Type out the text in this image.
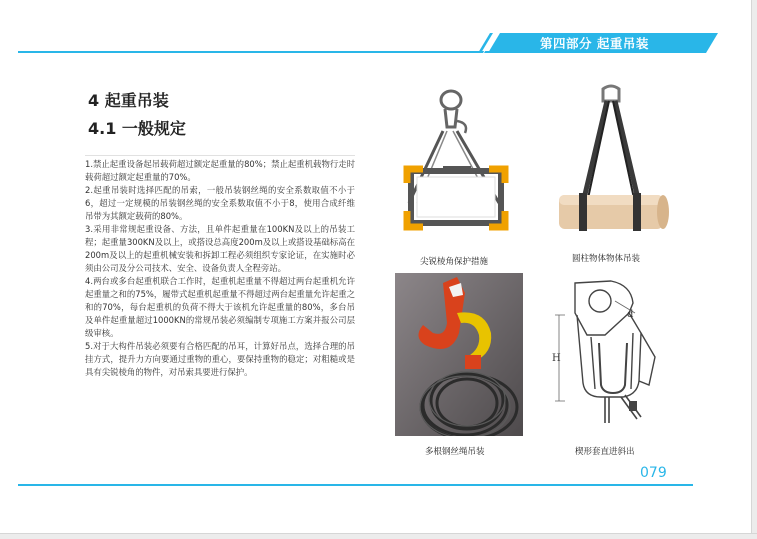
第四部分 起重吊装
4 起重吊装
4.1 一般规定
1.禁止起重设备起吊载荷超过额定起重量的80%；禁止起重机载物行走时载荷超过额定起重量的70%。
2.起重吊装时选择匹配的吊索，一般吊装钢丝绳的安全系数取值不小于6，超过一定规模的吊装钢丝绳的安全系数取值不小于8，使用合成纤维吊带为其额定载荷的80%。
3.采用非常规起重设备、方法，且单件起重量在100KN及以上的吊装工程；起重量300KN及以上，或搭设总高度200m及以上或搭设基础标高在200m及以上的起重机械安装和拆卸工程必须组织专家论证，在实施时必须由公司及分公司技术、安全、设备负责人全程旁站。
4.两台或多台起重机联合工作时，起重机起重量不得超过两台起重机允许起重量之和的75%，履带式起重机起重量不得超过两台起重量允许起重之和的70%，每台起重机的负荷不得大于该机允许起重量的80%，多台吊及单件起重量超过1000KN的常规吊装必须编制专项施工方案并报公司层级审核。
5.对于大构件吊装必须要有合格匹配的吊耳，计算好吊点，选择合理的吊挂方式，提升力方向要通过重物的重心，要保持重物的稳定；对粗糙或是具有尖锐棱角的物件，对吊索具要进行保护。
尖锐棱角保护措施	圆柱物体物体吊装
多根钢丝绳吊装
H
d
楔形套直进斜出
079
